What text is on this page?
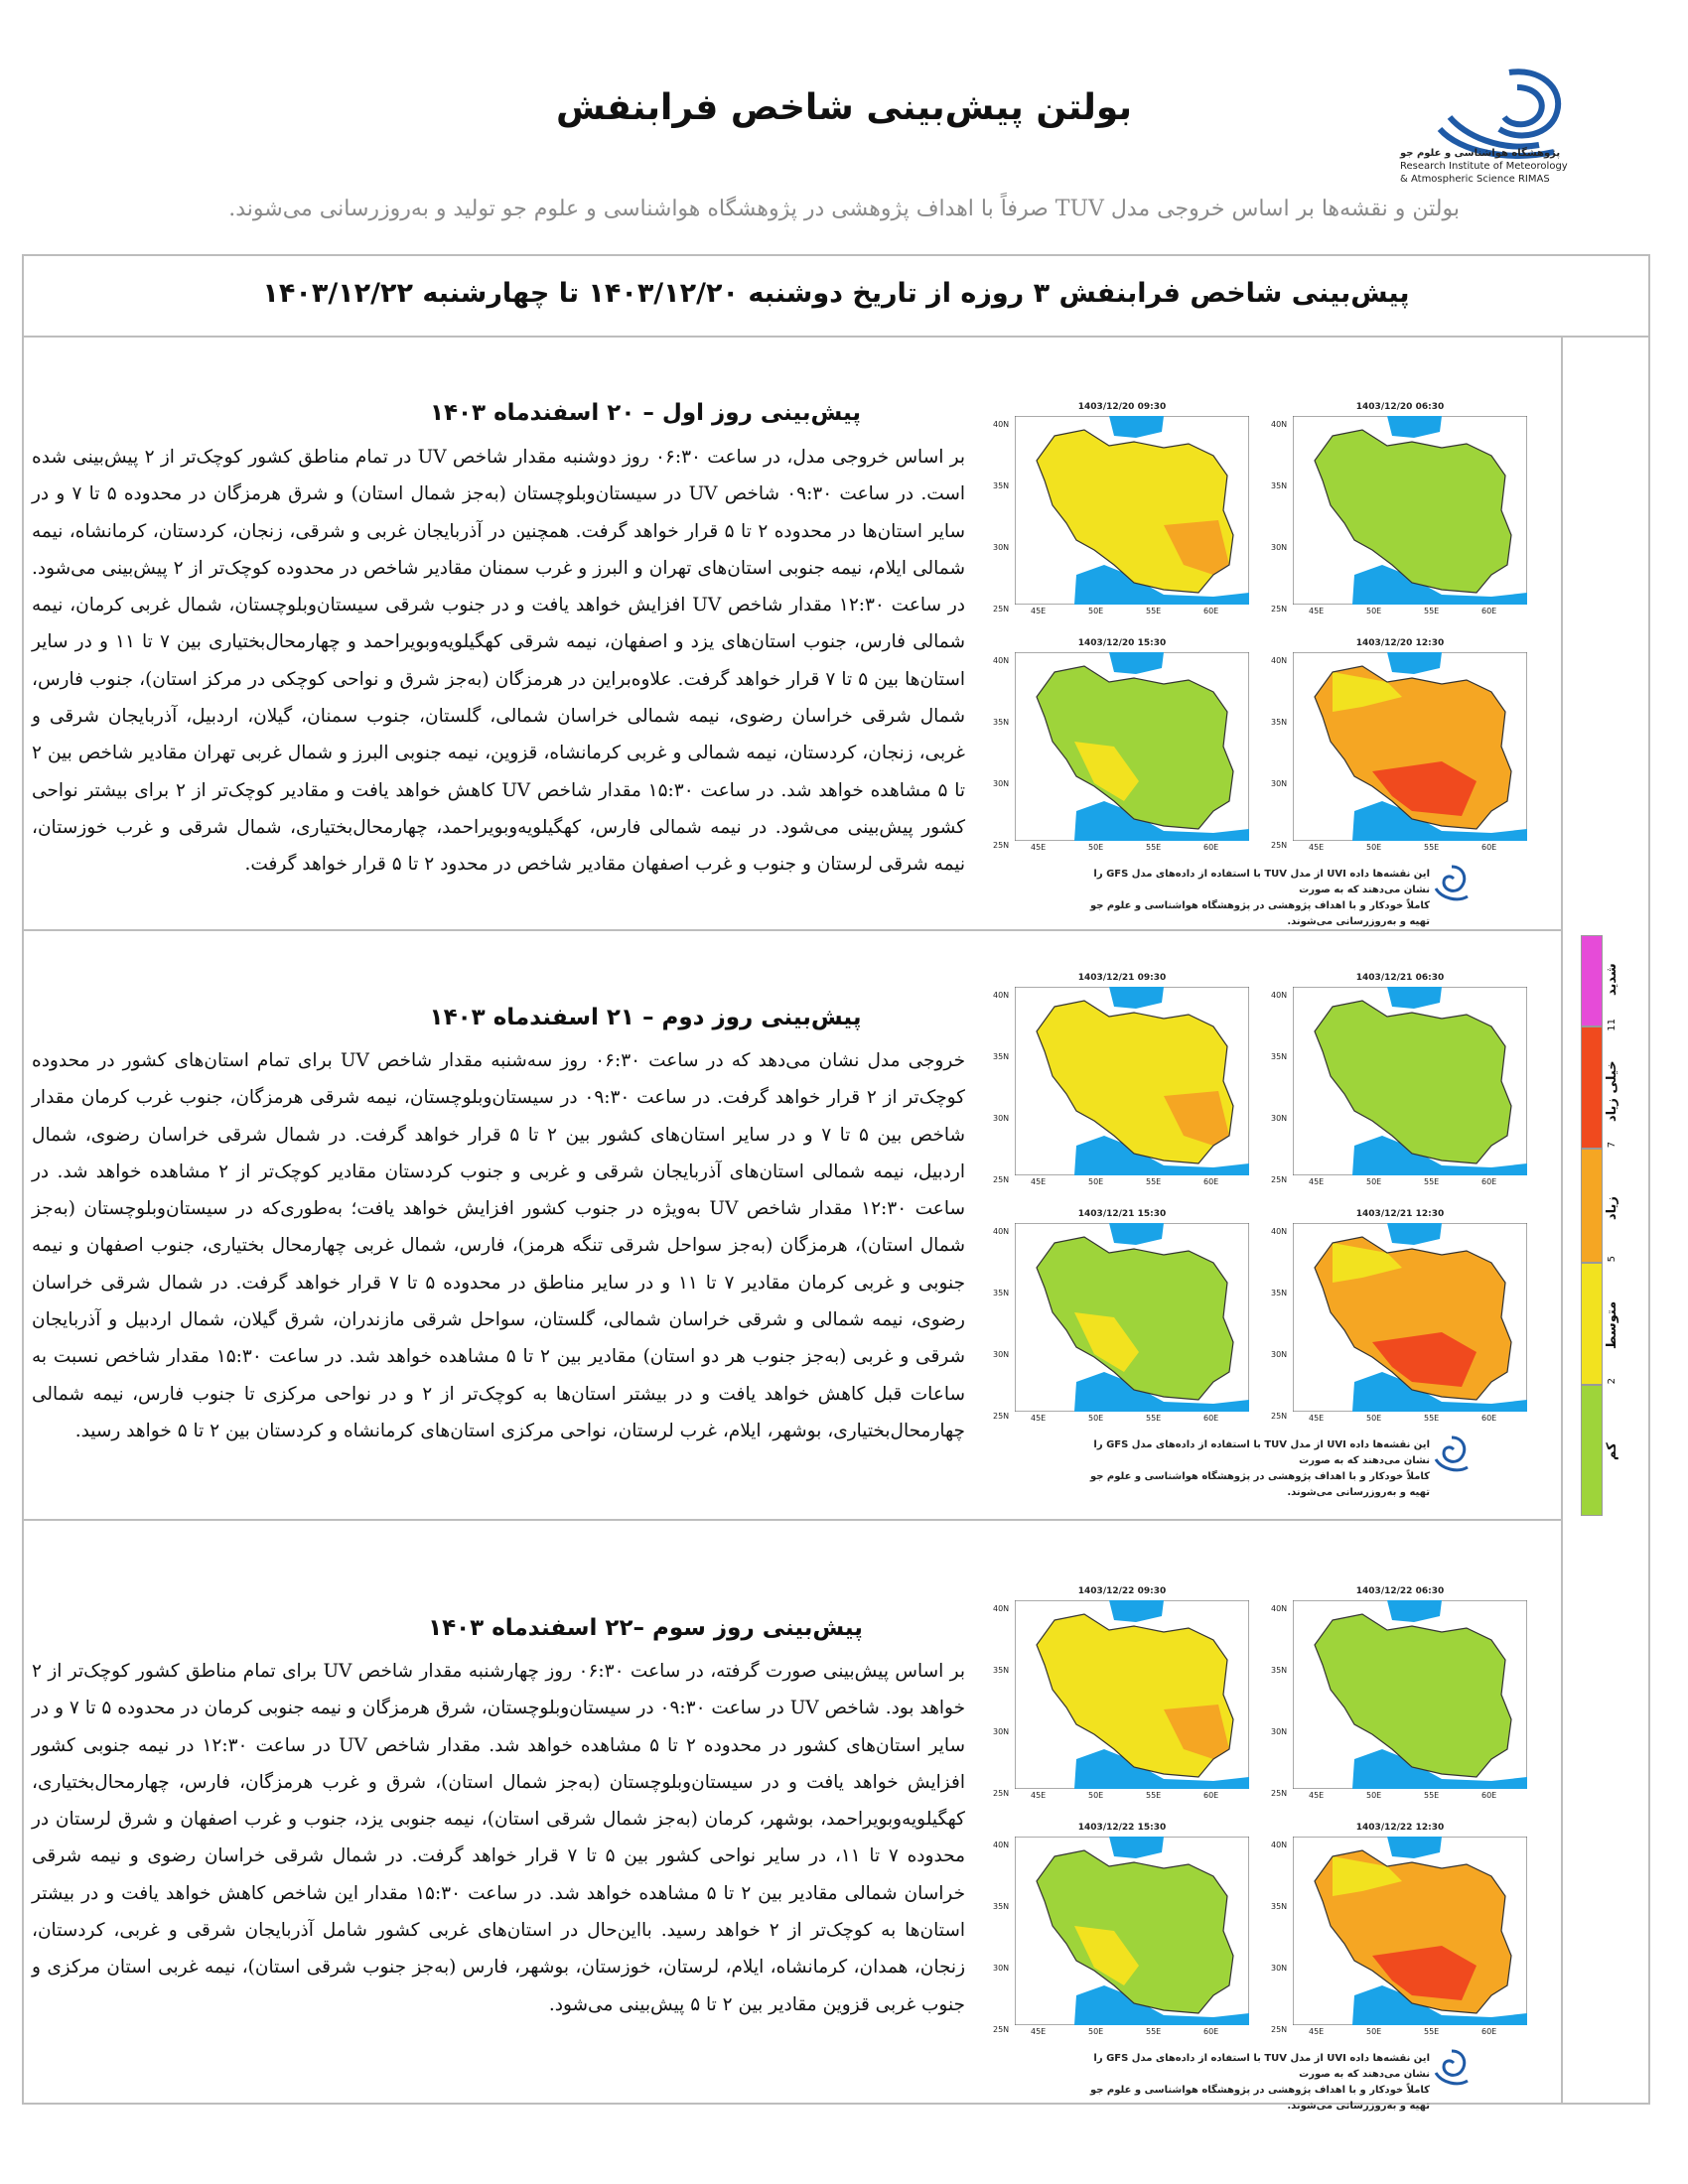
پژوهشگاه هواشناسی و علوم جو
Research Institute of Meteorology
& Atmospheric Science RIMAS
بولتن پیش‌بینی شاخص فرابنفش
بولتن و نقشه‌ها بر اساس خروجی مدل TUV صرفاً با اهداف پژوهشی در پژوهشگاه هواشناسی و علوم جو تولید و به‌روزرسانی می‌شوند.
پیش‌بینی شاخص فرابنفش ۳ روزه از تاریخ دوشنبه ۱۴۰۳/۱۲/۲۰ تا چهارشنبه ۱۴۰۳/۱۲/۲۲
پیش‌بینی روز اول – ۲۰ اسفندماه ۱۴۰۳
بر اساس خروجی مدل، در ساعت ۰۶:۳۰ روز دوشنبه مقدار شاخص UV در تمام مناطق کشور کوچک‌تر از ۲ پیش‌بینی شده است. در ساعت ۰۹:۳۰ شاخص UV در سیستان‌وبلوچستان (به‌جز شمال استان) و شرق هرمزگان در محدوده ۵ تا ۷ و در سایر استان‌ها در محدوده ۲ تا ۵ قرار خواهد گرفت. همچنین در آذربایجان غربی و شرقی، زنجان، کردستان، کرمانشاه، نیمه شمالی ایلام، نیمه جنوبی استان‌های تهران و البرز و غرب سمنان مقادیر شاخص در محدوده کوچک‌تر از ۲ پیش‌بینی می‌شود. در ساعت ۱۲:۳۰ مقدار شاخص UV افزایش خواهد یافت و در جنوب شرقی سیستان‌وبلوچستان، شمال غربی کرمان، نیمه شمالی فارس، جنوب استان‌های یزد و اصفهان، نیمه شرقی کهگیلویه‌وبویراحمد و چهارمحال‌بختیاری بین ۷ تا ۱۱ و در سایر استان‌ها بین ۵ تا ۷ قرار خواهد گرفت. علاوه‌براین در هرمزگان (به‌جز شرق و نواحی کوچکی در مرکز استان)، جنوب فارس، شمال شرقی خراسان رضوی، نیمه شمالی خراسان شمالی، گلستان، جنوب سمنان، گیلان، اردبیل، آذربایجان شرقی و غربی، زنجان، کردستان، نیمه شمالی و غربی کرمانشاه، قزوین، نیمه جنوبی البرز و شمال غربی تهران مقادیر شاخص بین ۲ تا ۵ مشاهده خواهد شد. در ساعت ۱۵:۳۰ مقدار شاخص UV کاهش خواهد یافت و مقادیر کوچک‌تر از ۲ برای بیشتر نواحی کشور پیش‌بینی می‌شود. در نیمه شمالی فارس، کهگیلویه‌وبویراحمد، چهارمحال‌بختیاری، شمال شرقی و غرب خوزستان، نیمه شرقی لرستان و جنوب و غرب اصفهان مقادیر شاخص در محدود ۲ تا ۵ قرار خواهد گرفت.
1403/12/20 06:30
40N
35N
30N
25N	45E	50E	55E	60E
1403/12/20 09:30
40N
35N
30N
25N	45E	50E	55E	60E
1403/12/20 12:30
40N
35N
30N
25N	45E	50E	55E	60E
1403/12/20 15:30
40N
35N
30N
25N	45E	50E	55E	60E
این نقشه‌ها داده UVI از مدل TUV با استفاده از داده‌های مدل GFS را نشان می‌دهند که به صورت
کاملاً خودکار و با اهداف پژوهشی در پژوهشگاه هواشناسی و علوم جو تهیه و به‌روزرسانی می‌شوند.
پیش‌بینی روز دوم – ۲۱ اسفندماه ۱۴۰۳
خروجی مدل نشان می‌دهد که در ساعت ۰۶:۳۰ روز سه‌شنبه مقدار شاخص UV برای تمام استان‌های کشور در محدوده کوچک‌تر از ۲ قرار خواهد گرفت. در ساعت ۰۹:۳۰ در سیستان‌وبلوچستان، نیمه شرقی هرمزگان، جنوب غرب کرمان مقدار شاخص بین ۵ تا ۷ و در سایر استان‌های کشور بین ۲ تا ۵ قرار خواهد گرفت. در شمال شرقی خراسان رضوی، شمال اردبیل، نیمه شمالی استان‌های آذربایجان شرقی و غربی و جنوب کردستان مقادیر کوچک‌تر از ۲ مشاهده خواهد شد. در ساعت ۱۲:۳۰ مقدار شاخص UV به‌ویژه در جنوب کشور افزایش خواهد یافت؛ به‌طوری‌که در سیستان‌وبلوچستان (به‌جز شمال استان)، هرمزگان (به‌جز سواحل شرقی تنگه هرمز)، فارس، شمال غربی چهارمحال بختیاری، جنوب اصفهان و نیمه جنوبی و غربی کرمان مقادیر ۷ تا ۱۱ و در سایر مناطق در محدوده ۵ تا ۷ قرار خواهد گرفت. در شمال شرقی خراسان رضوی، نیمه شمالی و شرقی خراسان شمالی، گلستان، سواحل شرقی مازندران، شرق گیلان، شمال اردبیل و آذربایجان شرقی و غربی (به‌جز جنوب هر دو استان) مقادیر بین ۲ تا ۵ مشاهده خواهد شد. در ساعت ۱۵:۳۰ مقدار شاخص نسبت به ساعات قبل کاهش خواهد یافت و در بیشتر استان‌ها به کوچک‌تر از ۲ و در نواحی مرکزی تا جنوب فارس، نیمه شمالی چهارمحال‌بختیاری، بوشهر، ایلام، غرب لرستان، نواحی مرکزی استان‌های کرمانشاه و کردستان بین ۲ تا ۵ خواهد رسید.
1403/12/21 06:30
40N
35N
30N
25N	45E	50E	55E	60E
1403/12/21 09:30
40N
35N
30N
25N	45E	50E	55E	60E
1403/12/21 12:30
40N
35N
30N
25N	45E	50E	55E	60E
1403/12/21 15:30
40N
35N
30N
25N	45E	50E	55E	60E
این نقشه‌ها داده UVI از مدل TUV با استفاده از داده‌های مدل GFS را نشان می‌دهند که به صورت
کاملاً خودکار و با اهداف پژوهشی در پژوهشگاه هواشناسی و علوم جو تهیه و به‌روزرسانی می‌شوند.
پیش‌بینی روز سوم –۲۲ اسفندماه ۱۴۰۳
بر اساس پیش‌بینی صورت گرفته، در ساعت ۰۶:۳۰ روز چهارشنبه مقدار شاخص UV برای تمام مناطق کشور کوچک‌تر از ۲ خواهد بود. شاخص UV در ساعت ۰۹:۳۰ در سیستان‌وبلوچستان، شرق هرمزگان و نیمه جنوبی کرمان در محدوده ۵ تا ۷ و در سایر استان‌های کشور در محدوده ۲ تا ۵ مشاهده خواهد شد. مقدار شاخص UV در ساعت ۱۲:۳۰ در نیمه جنوبی کشور افزایش خواهد یافت و در سیستان‌وبلوچستان (به‌جز شمال استان)، شرق و غرب هرمزگان، فارس، چهارمحال‌بختیاری، کهگیلویه‌وبویراحمد، بوشهر، کرمان (به‌جز شمال شرقی استان)، نیمه جنوبی یزد، جنوب و غرب اصفهان و شرق لرستان در محدوده ۷ تا ۱۱، در سایر نواحی کشور بین ۵ تا ۷ قرار خواهد گرفت. در شمال شرقی خراسان رضوی و نیمه شرقی خراسان شمالی مقادیر بین ۲ تا ۵ مشاهده خواهد شد. در ساعت ۱۵:۳۰ مقدار این شاخص کاهش خواهد یافت و در بیشتر استان‌ها به کوچک‌تر از ۲ خواهد رسید. بااین‌حال در استان‌های غربی کشور شامل آذربایجان شرقی و غربی، کردستان، زنجان، همدان، کرمانشاه، ایلام، لرستان، خوزستان، بوشهر، فارس (به‌جز جنوب شرقی استان)، نیمه غربی استان مرکزی و جنوب غربی قزوین مقادیر بین ۲ تا ۵ پیش‌بینی می‌شود.
1403/12/22 06:30
40N
35N
30N
25N	45E	50E	55E	60E
1403/12/22 09:30
40N
35N
30N
25N	45E	50E	55E	60E
1403/12/22 12:30
40N
35N
30N
25N	45E	50E	55E	60E
1403/12/22 15:30
40N
35N
30N
25N	45E	50E	55E	60E
این نقشه‌ها داده UVI از مدل TUV با استفاده از داده‌های مدل GFS را نشان می‌دهند که به صورت
کاملاً خودکار و با اهداف پژوهشی در پژوهشگاه هواشناسی و علوم جو تهیه و به‌روزرسانی می‌شوند.
شدید
خیلی زیاد
زیاد
متوسط
کم
11
7
5
2
